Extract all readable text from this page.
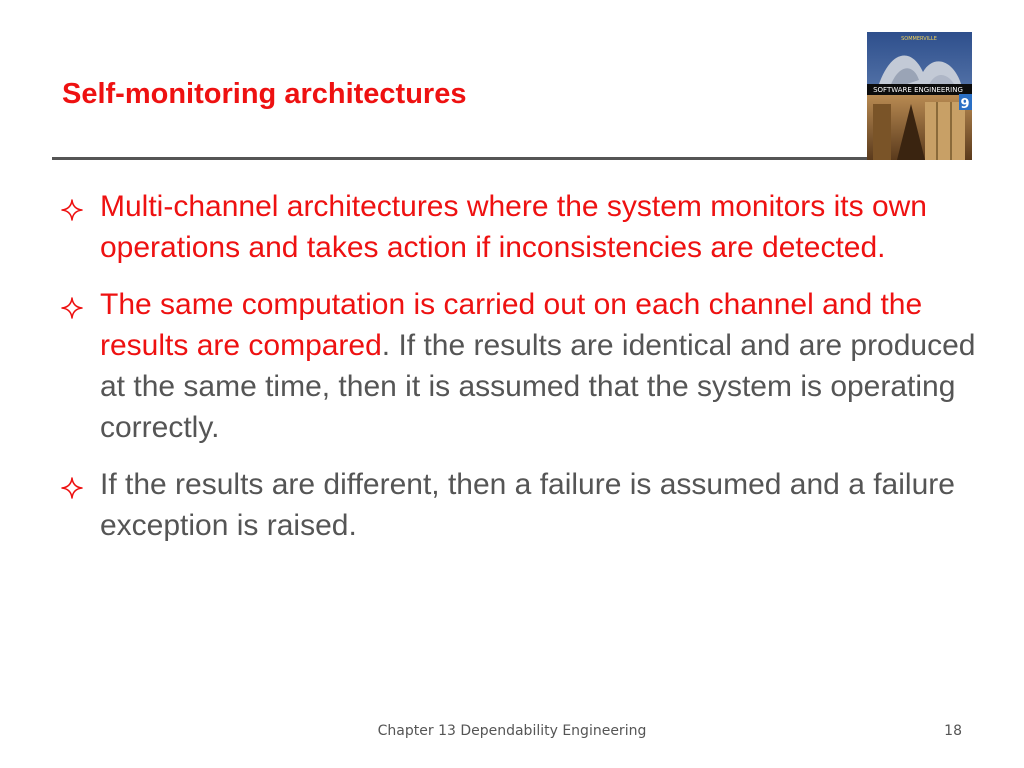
Self-monitoring architectures
SOMMERVILLE
SOFTWARE ENGINEERING
9
Multi-channel architectures where the system monitors its own operations and takes action if inconsistencies are detected.
The same computation is carried out on each channel and the results are compared. If the results are identical and are produced at the same time, then it is assumed that the system is operating correctly.
If the results are different, then a failure is assumed and a failure exception is raised.
Chapter 13 Dependability Engineering	18
